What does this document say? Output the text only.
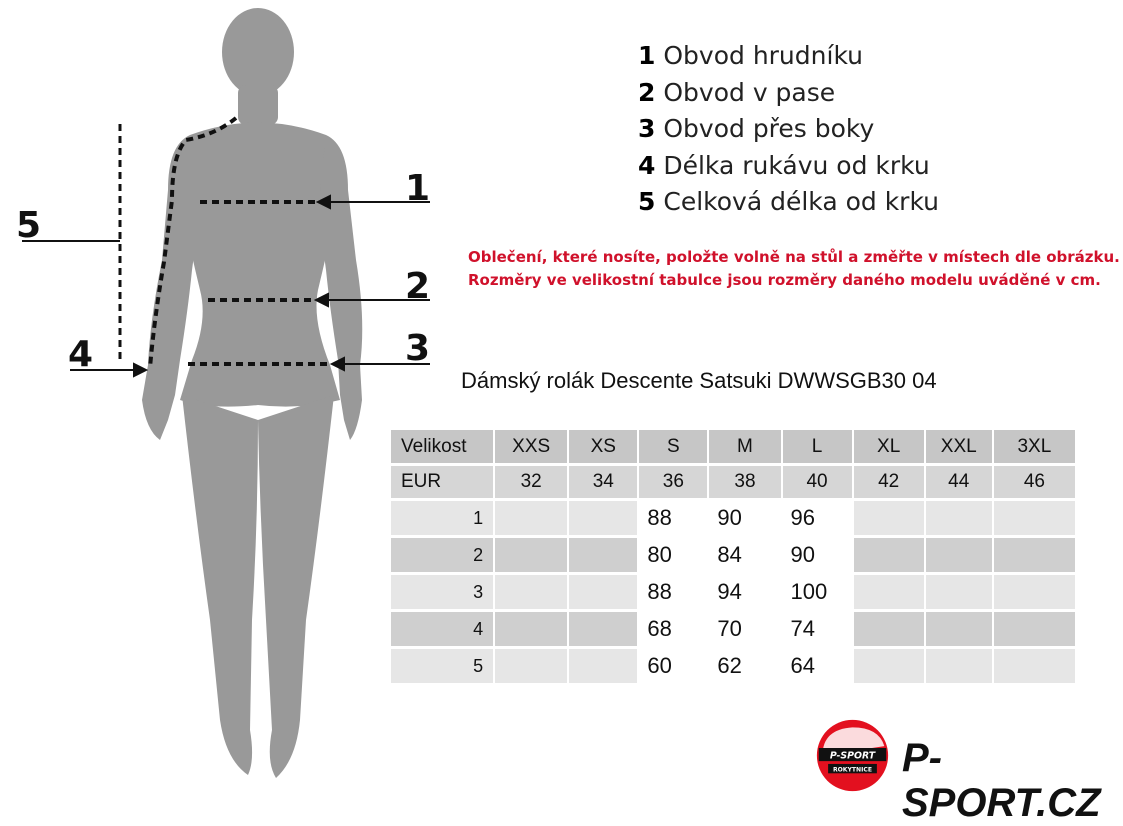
1
2
3
4
5
1 Obvod hrudníku
2 Obvod v pase
3 Obvod přes boky
4 Délka rukávu od krku
5 Celková délka od krku
Oblečení, které nosíte, položte volně na stůl a změřte v místech dle obrázku.
Rozměry ve velikostní tabulce jsou rozměry daného modelu uváděné v cm.
Dámský rolák Descente Satsuki DWWSGB30 04
Velikost	XXS	XS	S	M	L	XL	XXL	3XL
EUR	32	34	36	38	40	42	44	46
1			88	90	96			
2			80	84	90			
3			88	94	100			
4			68	70	74			
5			60	62	64			
P-SPORT
ROKYTNICE P-SPORT.CZ
